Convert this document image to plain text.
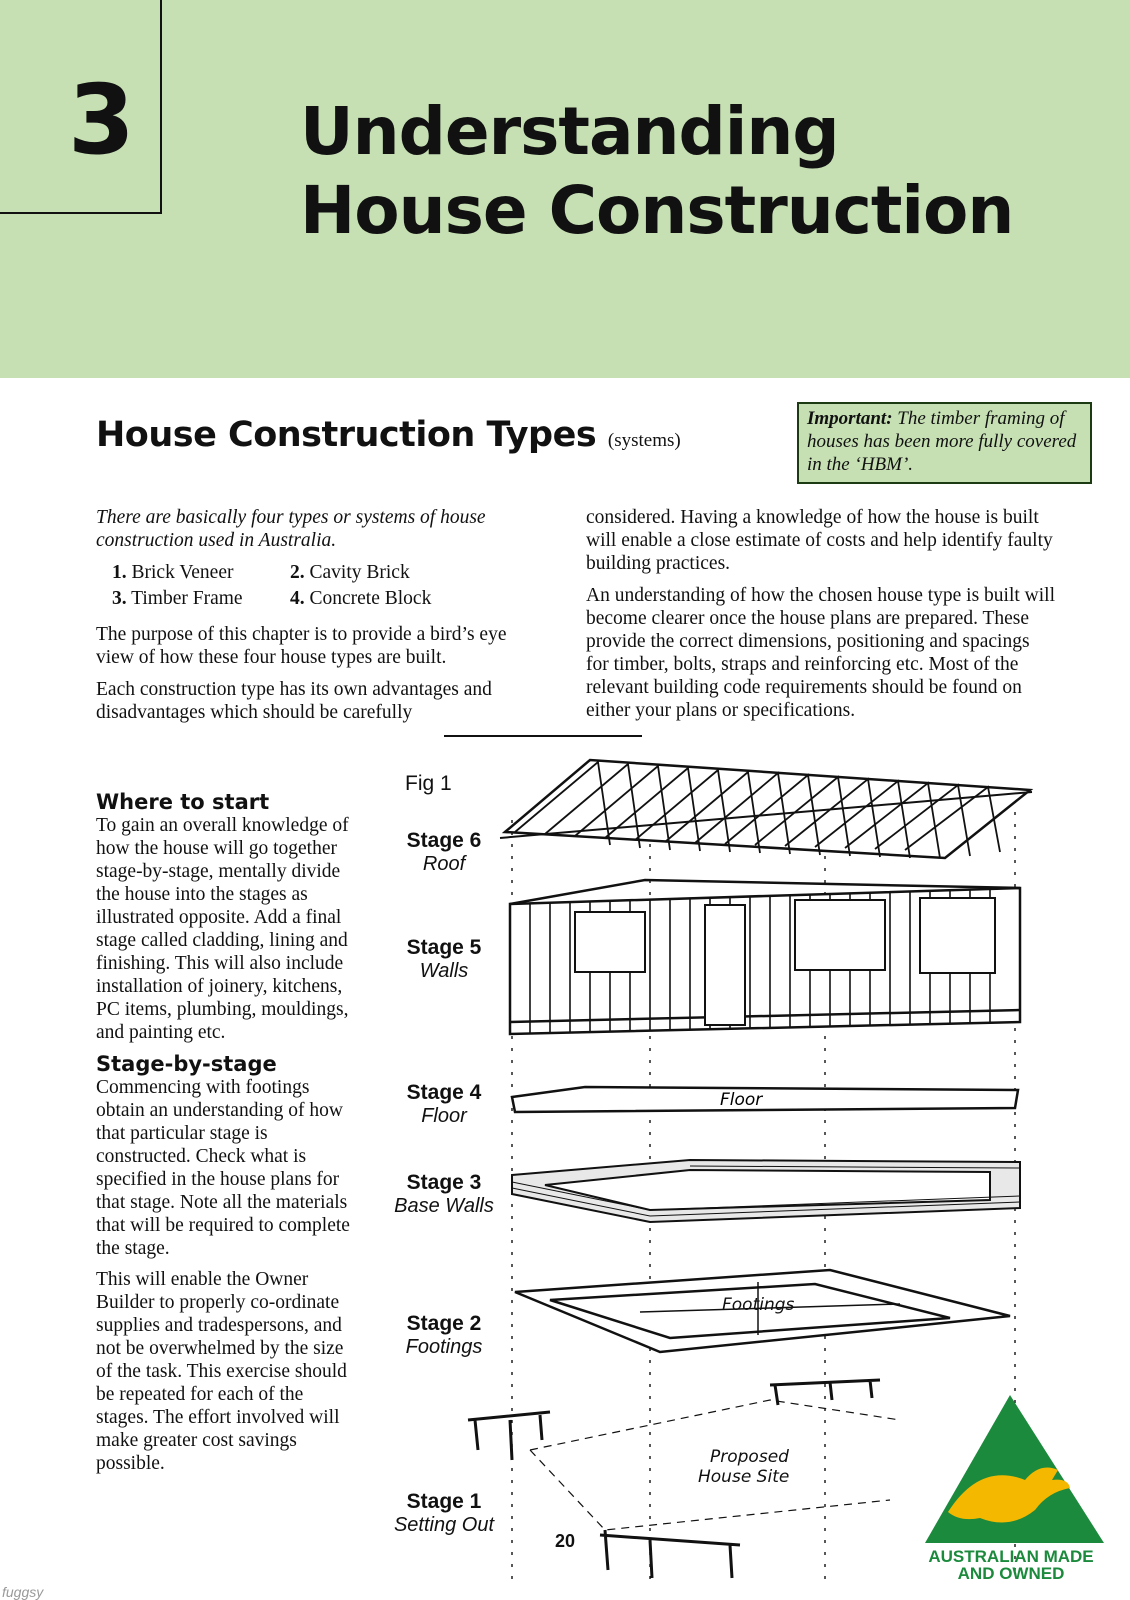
3	Understanding
House Construction
House Construction Types (systems)
Important: The timber framing of houses has been more fully covered in the ‘HBM’.

There are basically four types or systems of house construction used in Australia.

1. Brick Veneer	2. Cavity Brick
3. Timber Frame 4. Concrete Block

The purpose of this chapter is to provide a bird’s eye view of how these four house types are built.

Each construction type has its own advantages and disadvantages which should be carefully

considered. Having a knowledge of how the house is built will enable a close estimate of costs and help identify faulty building practices.

An understanding of how the chosen house type is built will become clearer once the house plans are prepared. These provide the correct dimensions, positioning and spacings for timber, bolts, straps and reinforcing etc. Most of the relevant building code requirements should be found on either your plans or specifications.

Where to start

To gain an overall knowledge of how the house will go together stage-by-stage, mentally divide the house into the stages as illustrated opposite. Add a final stage called cladding, lining and finishing. This will also include installation of joinery, kitchens, PC items, plumbing, mouldings, and painting etc.

Stage-by-stage

Commencing with footings obtain an understanding of how that particular stage is constructed. Check what is specified in the house plans for that stage. Note all the materials that will be required to complete the stage.

This will enable the Owner Builder to properly co-ordinate supplies and tradespersons, and not be overwhelmed by the size of the task. This exercise should be repeated for each of the stages. The effort involved will make greater cost savings possible.

Fig 1
Stage 6
Roof
Stage 5
Walls
Stage 4
Floor
Stage 3
Base Walls
Stage 2
Footings
Stage 1
Setting Out
Floor
Footings
Proposed
House Site
20
AUSTRALIAN MADE
AND OWNED
fuggsy
